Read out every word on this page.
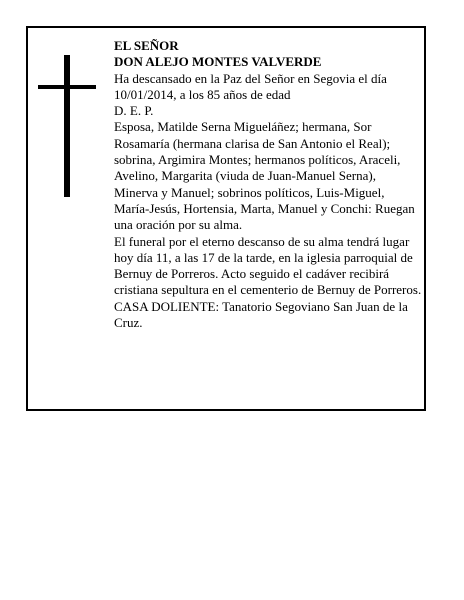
EL SEÑOR

DON ALEJO MONTES VALVERDE

Ha descansado en la Paz del Señor en Segovia el día 10/01/2014, a los 85 años de edad

D. E. P.

Esposa, Matilde Serna Migueláñez; hermana, Sor Rosamaría (hermana clarisa de San Antonio el Real); sobrina, Argimira Montes; hermanos políticos, Araceli, Avelino, Margarita (viuda de Juan-Manuel Serna), Minerva y Manuel; sobrinos políticos, Luis-Miguel, María-Jesús, Hortensia, Marta, Manuel y Conchi: Ruegan una oración por su alma.

El funeral por el eterno descanso de su alma tendrá lugar hoy día 11, a las 17 de la tarde, en la iglesia parroquial de Bernuy de Porreros. Acto seguido el cadáver recibirá cristiana sepultura en el cementerio de Bernuy de Porreros.

CASA DOLIENTE: Tanatorio Segoviano San Juan de la Cruz.
